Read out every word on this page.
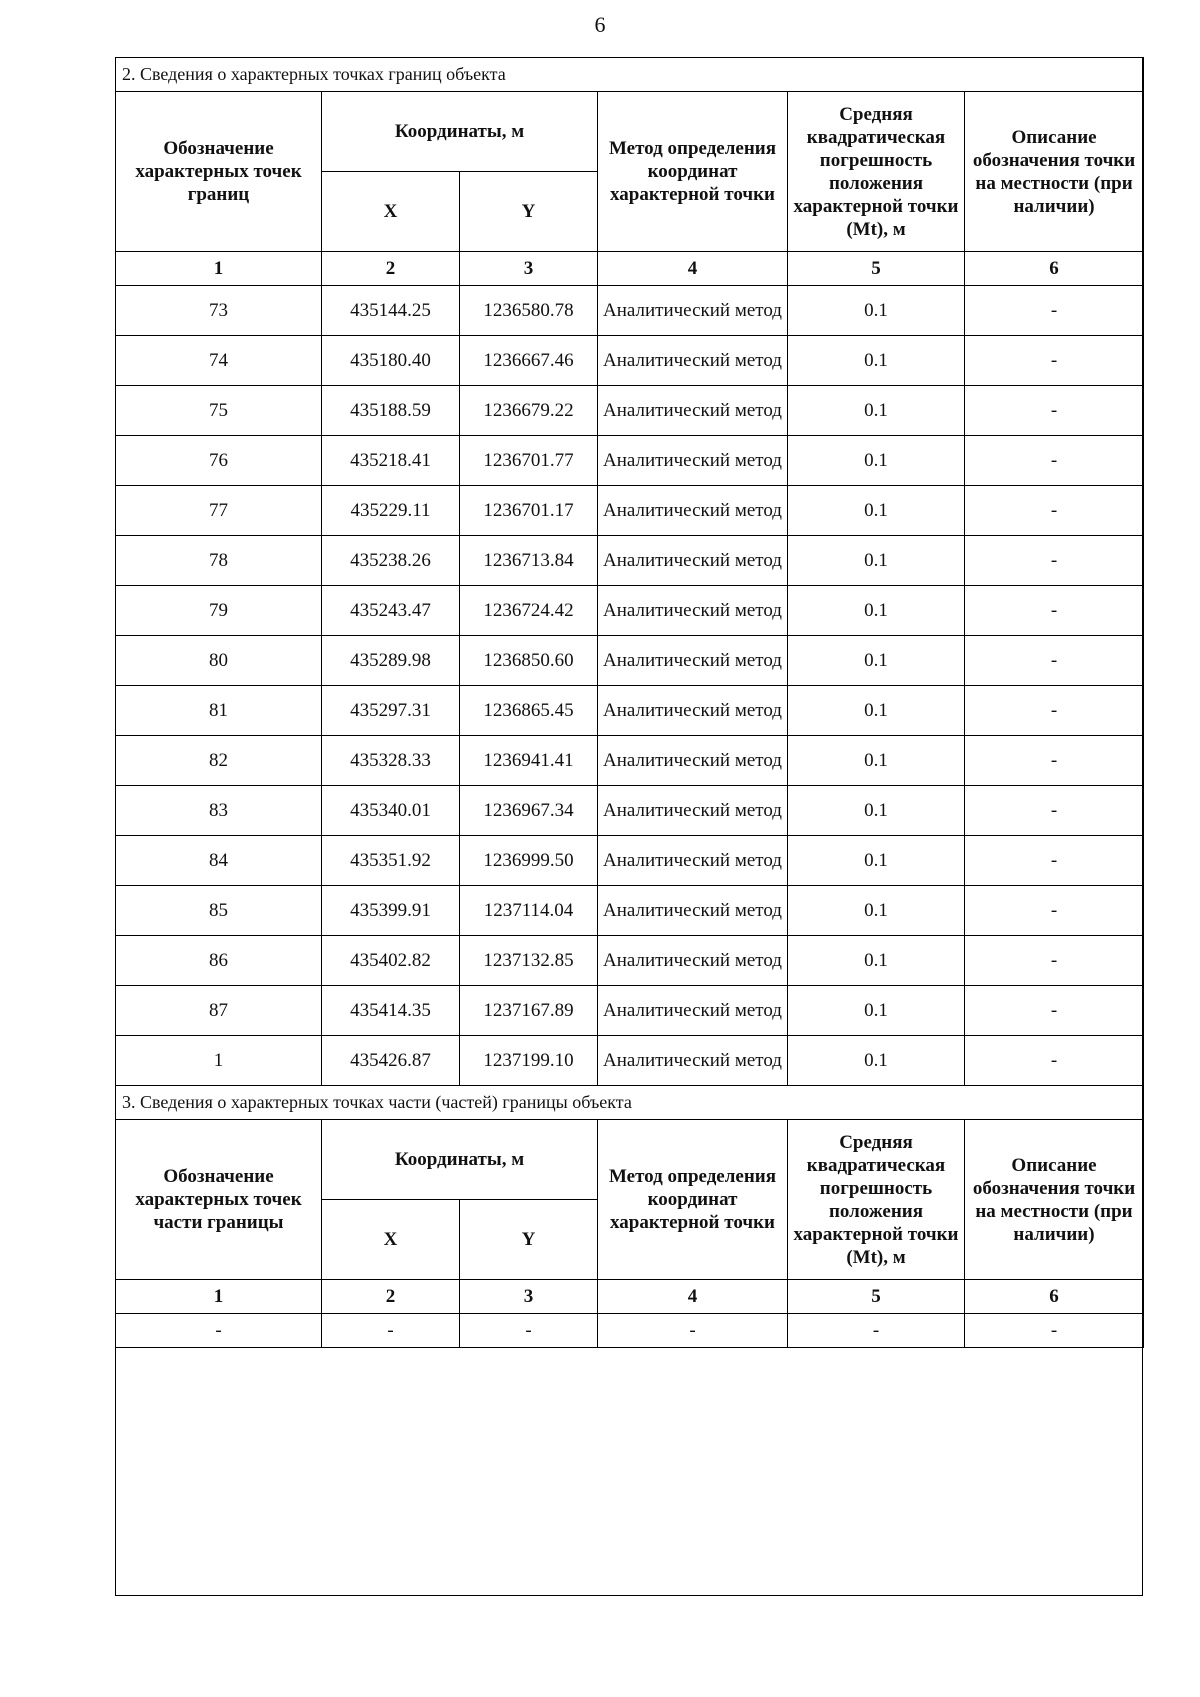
6
2. Сведения о характерных точках границ объекта					
Обозначение характерных точек границ	Координаты, м		Метод определения координат характерной точки	Средняя квадратическая погрешность положения характерной точки (Mt), м	Описание обозначения точки на местности (при наличии)
	X	Y			
1	2	3	4	5	6
73	435144.25	1236580.78	Аналитический метод	0.1	-
74	435180.40	1236667.46	Аналитический метод	0.1	-
75	435188.59	1236679.22	Аналитический метод	0.1	-
76	435218.41	1236701.77	Аналитический метод	0.1	-
77	435229.11	1236701.17	Аналитический метод	0.1	-
78	435238.26	1236713.84	Аналитический метод	0.1	-
79	435243.47	1236724.42	Аналитический метод	0.1	-
80	435289.98	1236850.60	Аналитический метод	0.1	-
81	435297.31	1236865.45	Аналитический метод	0.1	-
82	435328.33	1236941.41	Аналитический метод	0.1	-
83	435340.01	1236967.34	Аналитический метод	0.1	-
84	435351.92	1236999.50	Аналитический метод	0.1	-
85	435399.91	1237114.04	Аналитический метод	0.1	-
86	435402.82	1237132.85	Аналитический метод	0.1	-
87	435414.35	1237167.89	Аналитический метод	0.1	-
1	435426.87	1237199.10	Аналитический метод	0.1	-
3. Сведения о характерных точках части (частей) границы объекта					
Обозначение характерных точек части границы	Координаты, м		Метод определения координат характерной точки	Средняя квадратическая погрешность положения характерной точки (Mt), м	Описание обозначения точки на местности (при наличии)
	X	Y			
1	2	3	4	5	6
-	-	-	-	-	-
